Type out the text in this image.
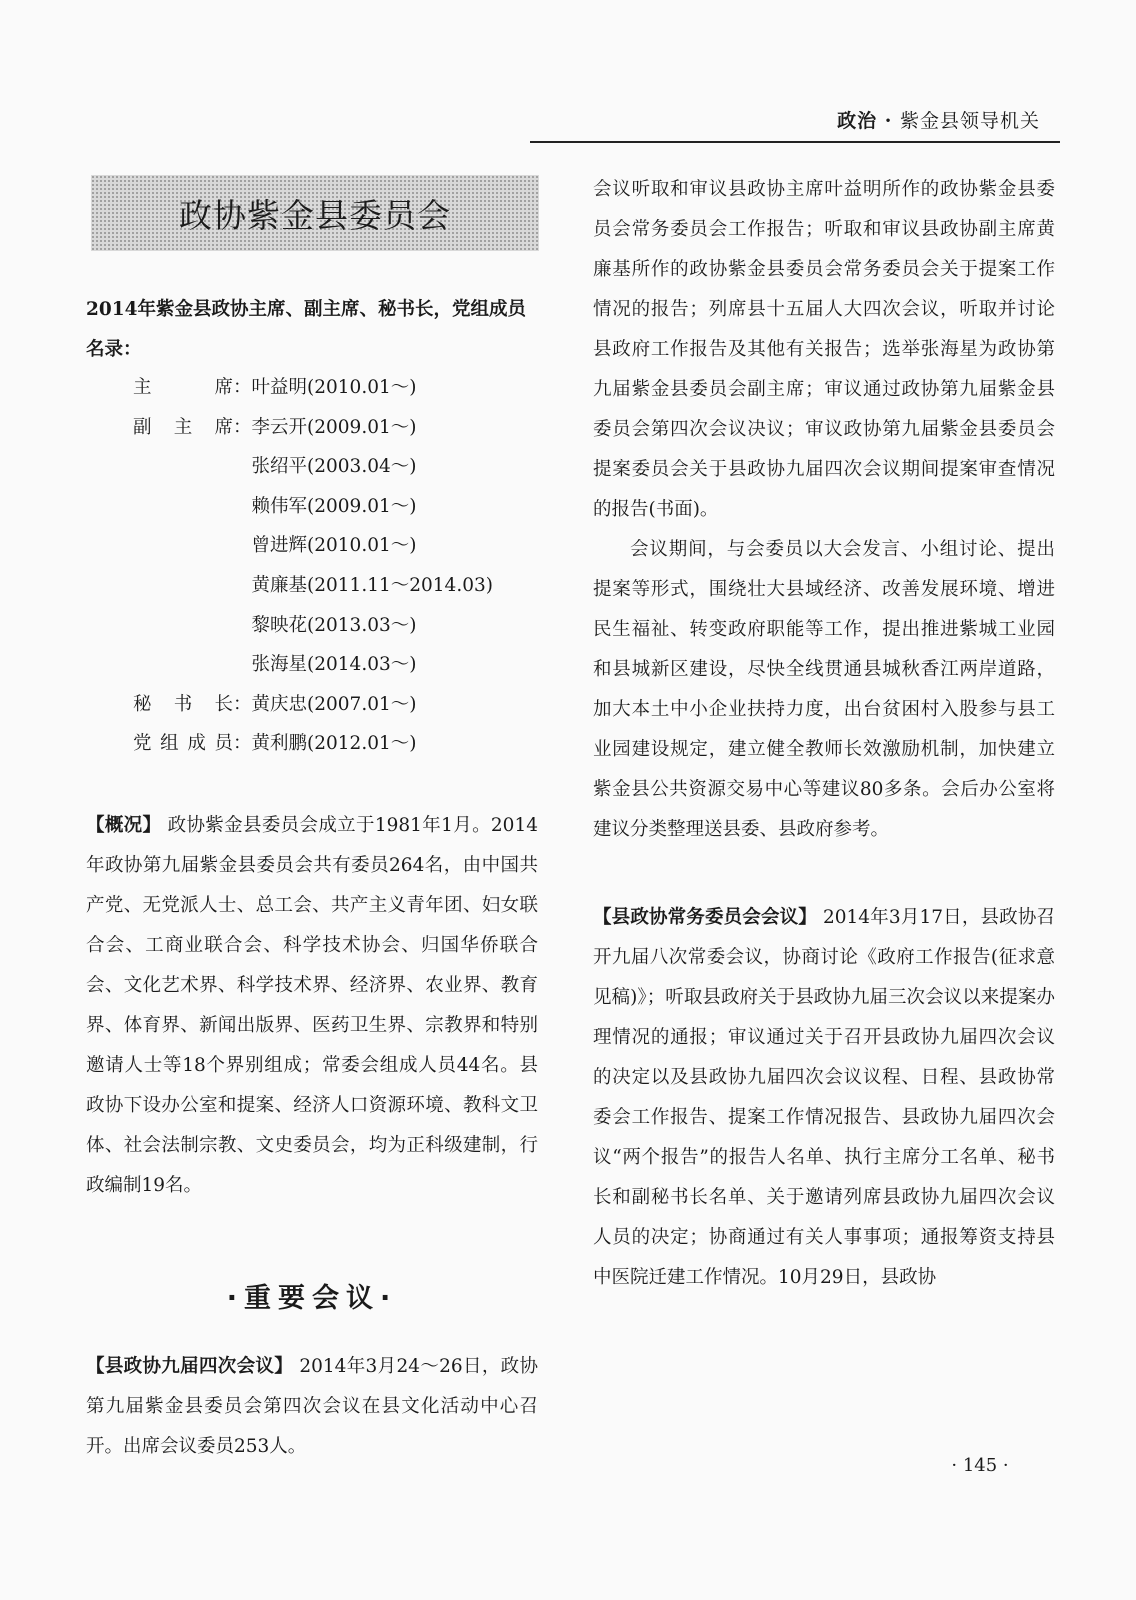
政治 · 紫金县领导机关
政协紫金县委员会
2014年紫金县政协主席、副主席、秘书长，党组成员名录：
主席 ： 叶益明(2010.01～)
副主席 ： 李云开(2009.01～)
张绍平(2003.04～)
赖伟军(2009.01～)
曾进辉(2010.01～)
黄廉基(2011.11～2014.03)
黎映花(2013.03～)
张海星(2014.03～)
秘书长 ： 黄庆忠(2007.01～)
党组成员 ： 黄利鹏(2012.01～)

【概况】 政协紫金县委员会成立于1981年1月。2014年政协第九届紫金县委员会共有委员264名，由中国共产党、无党派人士、总工会、共产主义青年团、妇女联合会、工商业联合会、科学技术协会、归国华侨联合会、文化艺术界、科学技术界、经济界、农业界、教育界、体育界、新闻出版界、医药卫生界、宗教界和特别邀请人士等18个界别组成；常委会组成人员44名。县政协下设办公室和提案、经济人口资源环境、教科文卫体、社会法制宗教、文史委员会，均为正科级建制，行政编制19名。

·重要会议·

【县政协九届四次会议】 2014年3月24～26日，政协第九届紫金县委员会第四次会议在县文化活动中心召开。出席会议委员253人。

会议听取和审议县政协主席叶益明所作的政协紫金县委员会常务委员会工作报告；听取和审议县政协副主席黄廉基所作的政协紫金县委员会常务委员会关于提案工作情况的报告；列席县十五届人大四次会议，听取并讨论县政府工作报告及其他有关报告；选举张海星为政协第九届紫金县委员会副主席；审议通过政协第九届紫金县委员会第四次会议决议；审议政协第九届紫金县委员会提案委员会关于县政协九届四次会议期间提案审查情况的报告(书面)。

会议期间，与会委员以大会发言、小组讨论、提出提案等形式，围绕壮大县域经济、改善发展环境、增进民生福祉、转变政府职能等工作，提出推进紫城工业园和县城新区建设，尽快全线贯通县城秋香江两岸道路，加大本土中小企业扶持力度，出台贫困村入股参与县工业园建设规定，建立健全教师长效激励机制，加快建立紫金县公共资源交易中心等建议80多条。会后办公室将建议分类整理送县委、县政府参考。

【县政协常务委员会会议】 2014年3月17日，县政协召开九届八次常委会议，协商讨论《政府工作报告(征求意见稿)》；听取县政府关于县政协九届三次会议以来提案办理情况的通报；审议通过关于召开县政协九届四次会议的决定以及县政协九届四次会议议程、日程、县政协常委会工作报告、提案工作情况报告、县政协九届四次会议“两个报告”的报告人名单、执行主席分工名单、秘书长和副秘书长名单、关于邀请列席县政协九届四次会议人员的决定；协商通过有关人事事项；通报筹资支持县中医院迁建工作情况。10月29日，县政协

· 145 ·
